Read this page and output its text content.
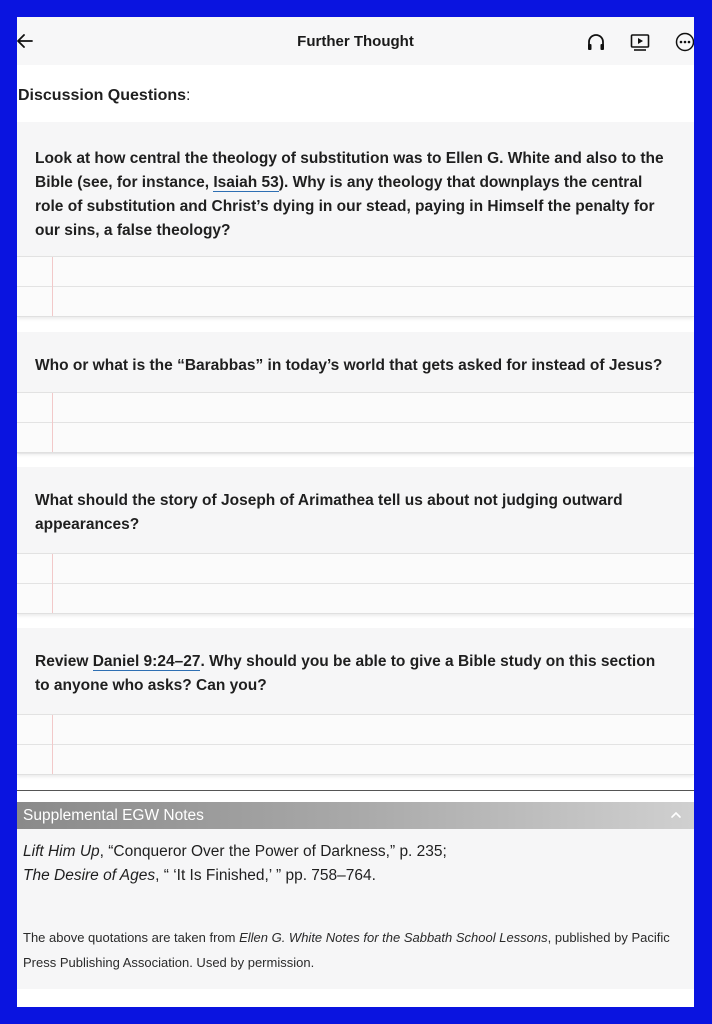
Further Thought
Discussion Questions:
Look at how central the theology of substitution was to Ellen G. White and also to the Bible (see, for instance, Isaiah 53). Why is any theology that downplays the central role of substitution and Christ’s dying in our stead, paying in Himself the penalty for our sins, a false theology?
Who or what is the “Barabbas” in today’s world that gets asked for instead of Jesus?
What should the story of Joseph of Arimathea tell us about not judging outward appearances?
Review Daniel 9:24–27. Why should you be able to give a Bible study on this section to anyone who asks? Can you?
Supplemental EGW Notes
Lift Him Up, “Conqueror Over the Power of Darkness,” p. 235;
The Desire of Ages, “ ‘It Is Finished,’ ” pp. 758–764.
The above quotations are taken from Ellen G. White Notes for the Sabbath School Lessons, published by Pacific Press Publishing Association. Used by permission.
